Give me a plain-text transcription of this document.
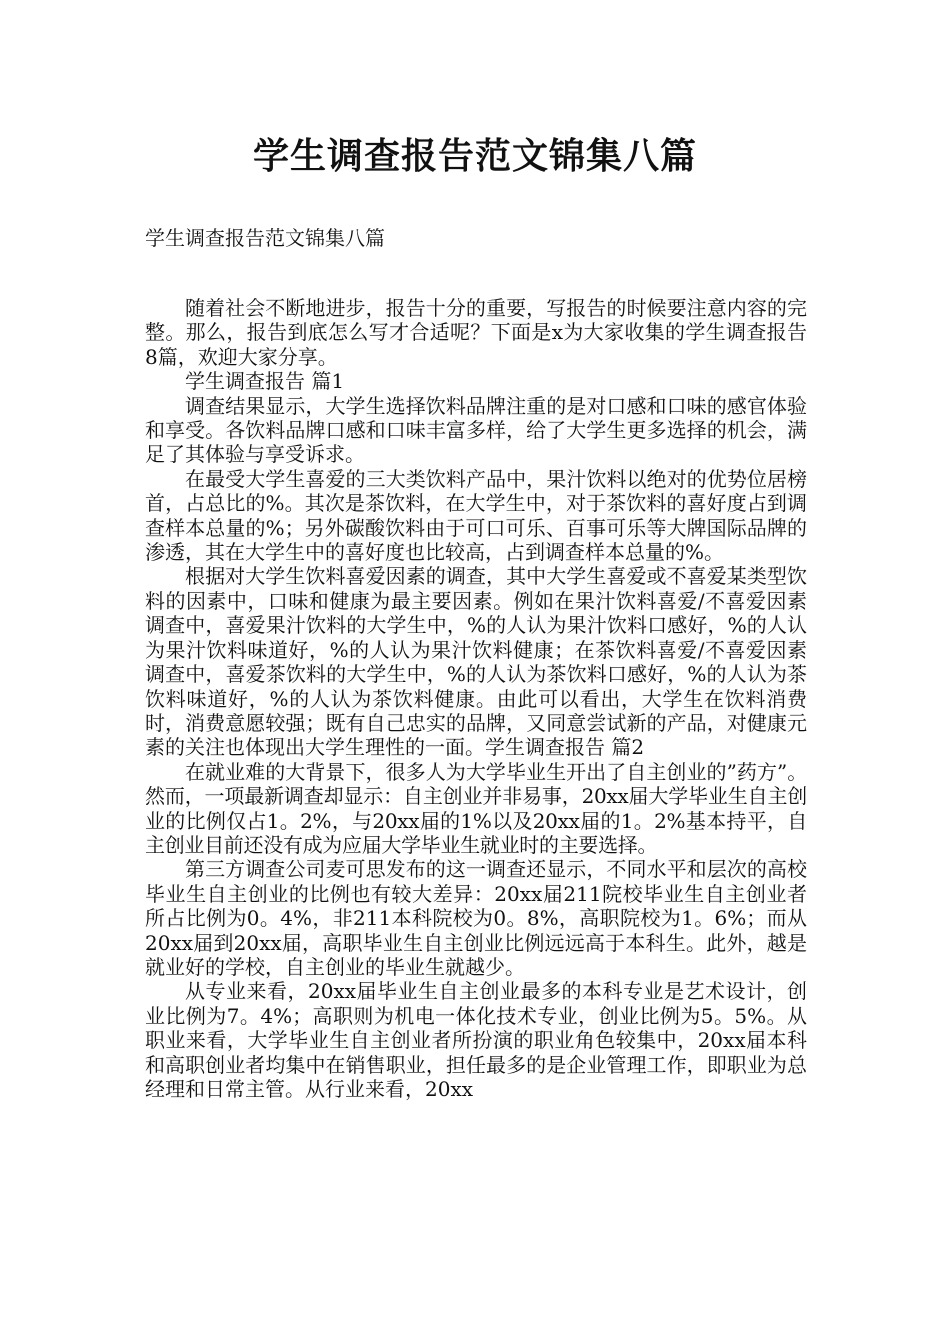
学生调查报告范文锦集八篇

学生调查报告范文锦集八篇

随着社会不断地进步，报告十分的重要，写报告的时候要注意内容的完整。那么，报告到底怎么写才合适呢？下面是x为大家收集的学生调查报告8篇，欢迎大家分享。

学生调查报告 篇1

调查结果显示，大学生选择饮料品牌注重的是对口感和口味的感官体验和享受。各饮料品牌口感和口味丰富多样，给了大学生更多选择的机会，满足了其体验与享受诉求。

在最受大学生喜爱的三大类饮料产品中，果汁饮料以绝对的优势位居榜首，占总比的%。其次是茶饮料，在大学生中，对于茶饮料的喜好度占到调查样本总量的%；另外碳酸饮料由于可口可乐、百事可乐等大牌国际品牌的渗透，其在大学生中的喜好度也比较高，占到调查样本总量的%。

根据对大学生饮料喜爱因素的调查，其中大学生喜爱或不喜爱某类型饮料的因素中，口味和健康为最主要因素。例如在果汁饮料喜爱/不喜爱因素调查中，喜爱果汁饮料的大学生中，%的人认为果汁饮料口感好，%的人认为果汁饮料味道好，%的人认为果汁饮料健康；在茶饮料喜爱/不喜爱因素调查中，喜爱茶饮料的大学生中，%的人认为茶饮料口感好，%的人认为茶饮料味道好，%的人认为茶饮料健康。由此可以看出，大学生在饮料消费时，消费意愿较强；既有自己忠实的品牌，又同意尝试新的产品，对健康元素的关注也体现出大学生理性的一面。学生调查报告 篇2

在就业难的大背景下，很多人为大学毕业生开出了自主创业的”药方”。然而，一项最新调查却显示：自主创业并非易事，20xx届大学毕业生自主创业的比例仅占1。2%，与20xx届的1%以及20xx届的1。2%基本持平，自主创业目前还没有成为应届大学毕业生就业时的主要选择。

第三方调查公司麦可思发布的这一调查还显示，不同水平和层次的高校毕业生自主创业的比例也有较大差异：20xx届211院校毕业生自主创业者所占比例为0。4%，非211本科院校为0。8%，高职院校为1。6%；而从20xx届到20xx届，高职毕业生自主创业比例远远高于本科生。此外，越是就业好的学校，自主创业的毕业生就越少。

从专业来看，20xx届毕业生自主创业最多的本科专业是艺术设计，创业比例为7。4%；高职则为机电一体化技术专业，创业比例为5。5%。从职业来看，大学毕业生自主创业者所扮演的职业角色较集中，20xx届本科和高职创业者均集中在销售职业，担任最多的是企业管理工作，即职业为总经理和日常主管。从行业来看，20xx
